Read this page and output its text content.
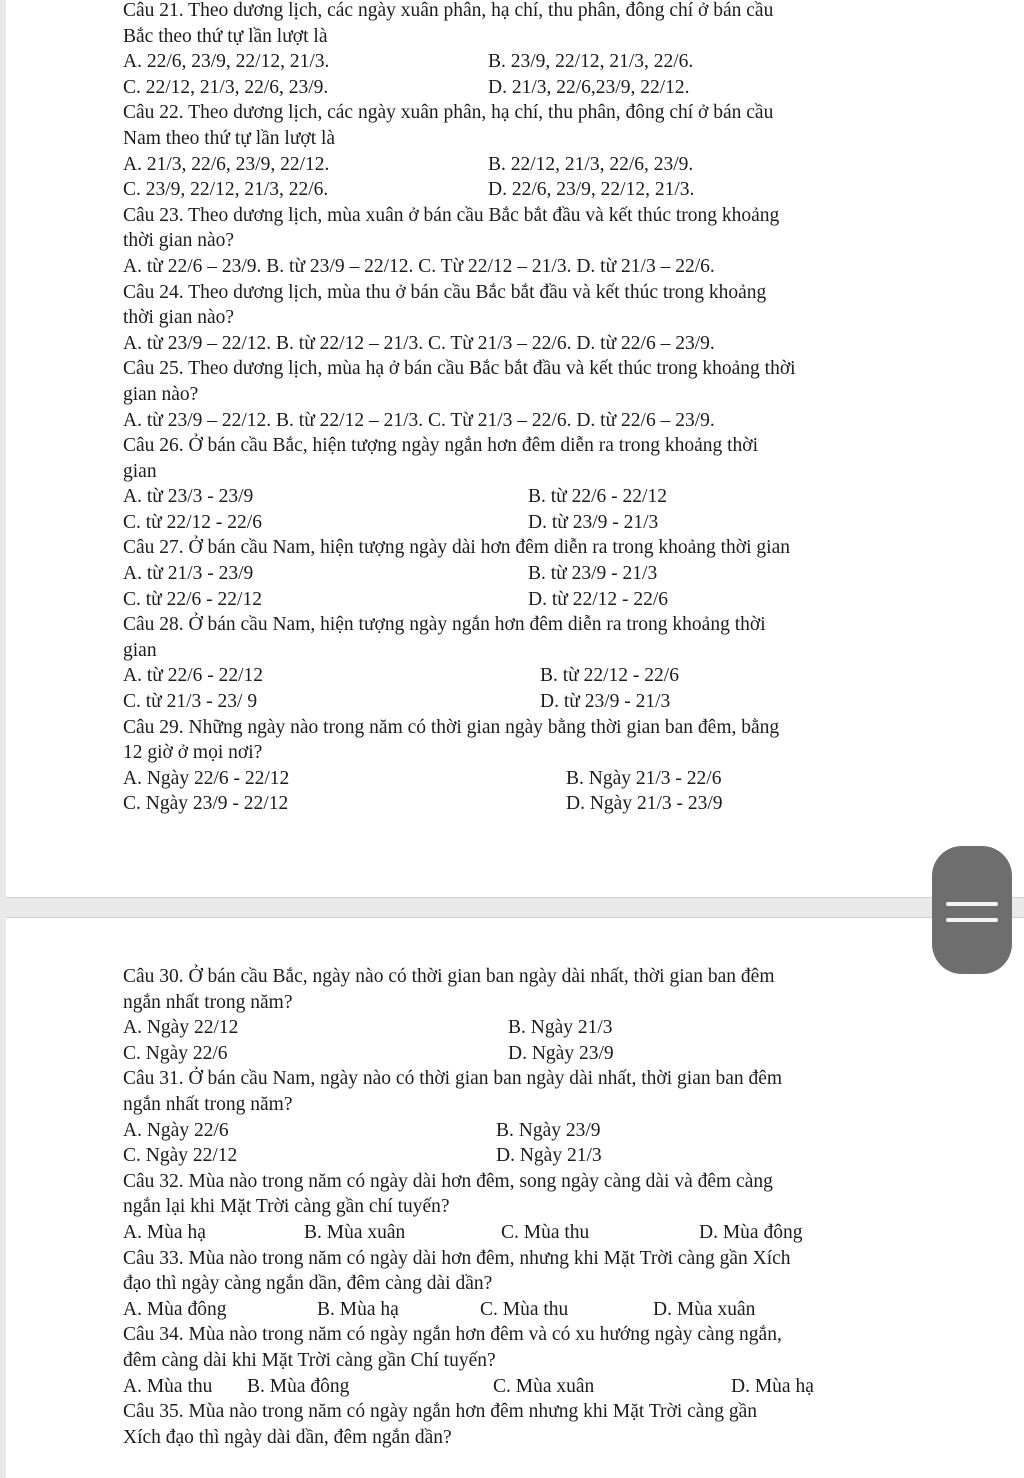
Câu 21. Theo dương lịch, các ngày xuân phân, hạ chí, thu phân, đông chí ở bán cầu

Bắc theo thứ tự lần lượt là

A. 22/6, 23/9, 22/12, 21/3.	B. 23/9, 22/12, 21/3, 22/6.
C. 22/12, 21/3, 22/6, 23/9.	D. 21/3, 22/6,23/9, 22/12.

Câu 22. Theo dương lịch, các ngày xuân phân, hạ chí, thu phân, đông chí ở bán cầu

Nam theo thứ tự lần lượt là

A. 21/3, 22/6, 23/9, 22/12.	B. 22/12, 21/3, 22/6, 23/9.
C. 23/9, 22/12, 21/3, 22/6.	D. 22/6, 23/9, 22/12, 21/3.

Câu 23. Theo dương lịch, mùa xuân ở bán cầu Bắc bắt đầu và kết thúc trong khoảng

thời gian nào?

A. từ 22/6 – 23/9. B. từ 23/9 – 22/12. C. Từ 22/12 – 21/3. D. từ 21/3 – 22/6.

Câu 24. Theo dương lịch, mùa thu ở bán cầu Bắc bắt đầu và kết thúc trong khoảng

thời gian nào?

A. từ 23/9 – 22/12. B. từ 22/12 – 21/3. C. Từ 21/3 – 22/6. D. từ 22/6 – 23/9.

Câu 25. Theo dương lịch, mùa hạ ở bán cầu Bắc bắt đầu và kết thúc trong khoảng thời

gian nào?

A. từ 23/9 – 22/12. B. từ 22/12 – 21/3. C. Từ 21/3 – 22/6. D. từ 22/6 – 23/9.

Câu 26. Ở bán cầu Bắc, hiện tượng ngày ngắn hơn đêm diễn ra trong khoảng thời

gian

A. từ 23/3 - 23/9	B. từ 22/6 - 22/12
C. từ 22/12 - 22/6	D. từ 23/9 - 21/3

Câu 27. Ở bán cầu Nam, hiện tượng ngày dài hơn đêm diễn ra trong khoảng thời gian

A. từ 21/3 - 23/9	B. từ 23/9 - 21/3
C. từ 22/6 - 22/12	D. từ 22/12 - 22/6

Câu 28. Ở bán cầu Nam, hiện tượng ngày ngắn hơn đêm diễn ra trong khoảng thời

gian

A. từ 22/6 - 22/12	B. từ 22/12 - 22/6
C. từ 21/3 - 23/ 9	D. từ 23/9 - 21/3

Câu 29. Những ngày nào trong năm có thời gian ngày bằng thời gian ban đêm, bằng

12 giờ ở mọi nơi?

A. Ngày 22/6 - 22/12	B. Ngày 21/3 - 22/6
C. Ngày 23/9 - 22/12	D. Ngày 21/3 - 23/9

Câu 30. Ở bán cầu Bắc, ngày nào có thời gian ban ngày dài nhất, thời gian ban đêm

ngắn nhất trong năm?

A. Ngày 22/12	B. Ngày 21/3
C. Ngày 22/6	D. Ngày 23/9

Câu 31. Ở bán cầu Nam, ngày nào có thời gian ban ngày dài nhất, thời gian ban đêm

ngắn nhất trong năm?

A. Ngày 22/6	B. Ngày 23/9
C. Ngày 22/12	D. Ngày 21/3

Câu 32. Mùa nào trong năm có ngày dài hơn đêm, song ngày càng dài và đêm càng

ngắn lại khi Mặt Trời càng gần chí tuyến?

A. Mùa hạ	B. Mùa xuân	C. Mùa thu	D. Mùa đông

Câu 33. Mùa nào trong năm có ngày dài hơn đêm, nhưng khi Mặt Trời càng gần Xích

đạo thì ngày càng ngắn dần, đêm càng dài dần?

A. Mùa đông	B. Mùa hạ	C. Mùa thu	D. Mùa xuân

Câu 34. Mùa nào trong năm có ngày ngắn hơn đêm và có xu hướng ngày càng ngắn,

đêm càng dài khi Mặt Trời càng gần Chí tuyến?

A. Mùa thu B. Mùa đông	C. Mùa xuân	D. Mùa hạ

Câu 35. Mùa nào trong năm có ngày ngắn hơn đêm nhưng khi Mặt Trời càng gần

Xích đạo thì ngày dài dần, đêm ngắn dần?
